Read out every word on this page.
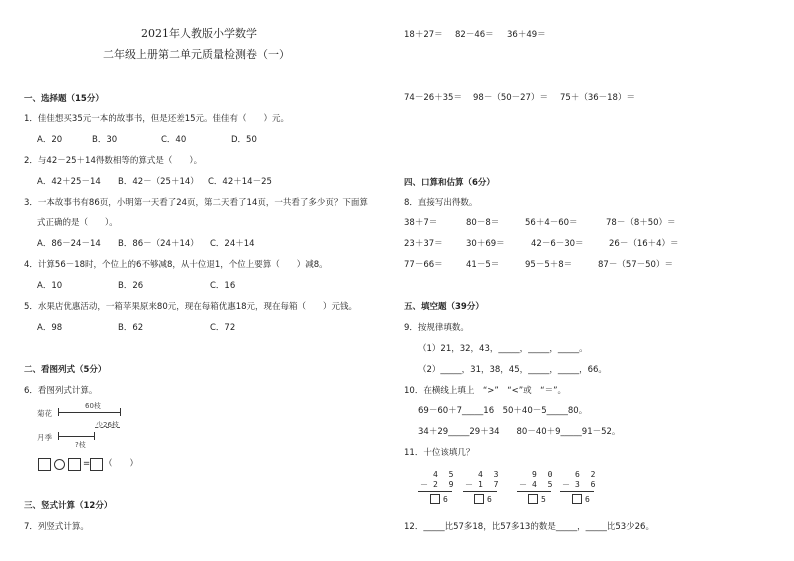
2021年人教版小学数学
二年级上册第二单元质量检测卷（一）
一、选择题（15分）
1．佳佳想买35元一本的故事书，但是还差15元。佳佳有（　　）元。
A．20	B．30	C．40	D．50
2．与42－25＋14得数相等的算式是（　　）。
A．42＋25－14 B．42－（25＋14） C．42＋14－25
3．一本故事书有86页，小明第一天看了24页，第二天看了14页，一共看了多少页？下面算
式正确的是（　　）。
A．86－24－14 B．86－（24＋14） C．24＋14
4．计算56－18时，个位上的6不够减8，从十位退1，个位上要算（　　）减8。
A．10	B．26	C．16
5．水果店优惠活动，一箱苹果原来80元，现在每箱优惠18元，现在每箱（　　）元钱。
A．98	B．62	C．72
二、看图列式（5分）
6．看图列式计算。
菊花
月季
60枝
少26枝
?枝
= （　　）
三、竖式计算（12分）
7．列竖式计算。
18＋27＝ 82－46＝ 36＋49＝
74－26＋35＝ 98－（50－27）＝ 75＋（36－18）＝
四、口算和估算（6分）
8．直接写出得数。
38＋7＝	80－8＝	56＋4－60＝	78－（8＋50）＝
23＋37＝	30＋69＝	42－6－30＝	26－（16＋4）＝
77－66＝	41－5＝	95－5＋8＝	87－（57－50）＝
五、填空题（39分）
9．按规律填数。
（1）21，32，43，_____，_____，_____。
（2）_____，31，38，45，_____，_____，66。
10．在横线上填上　“>”　“<”或　“＝”。
69－60＋7_____16　50＋40－5_____80。
34＋29_____29＋34　　80－40＋9_____91－52。
11．十位该填几？
4 5
－ 2 9
6
4 3
－ 1 7
6
9 0
－ 4 5
5
6 2
－ 3 6
6
12．_____比57多18，比57多13的数是_____，_____比53少26。
